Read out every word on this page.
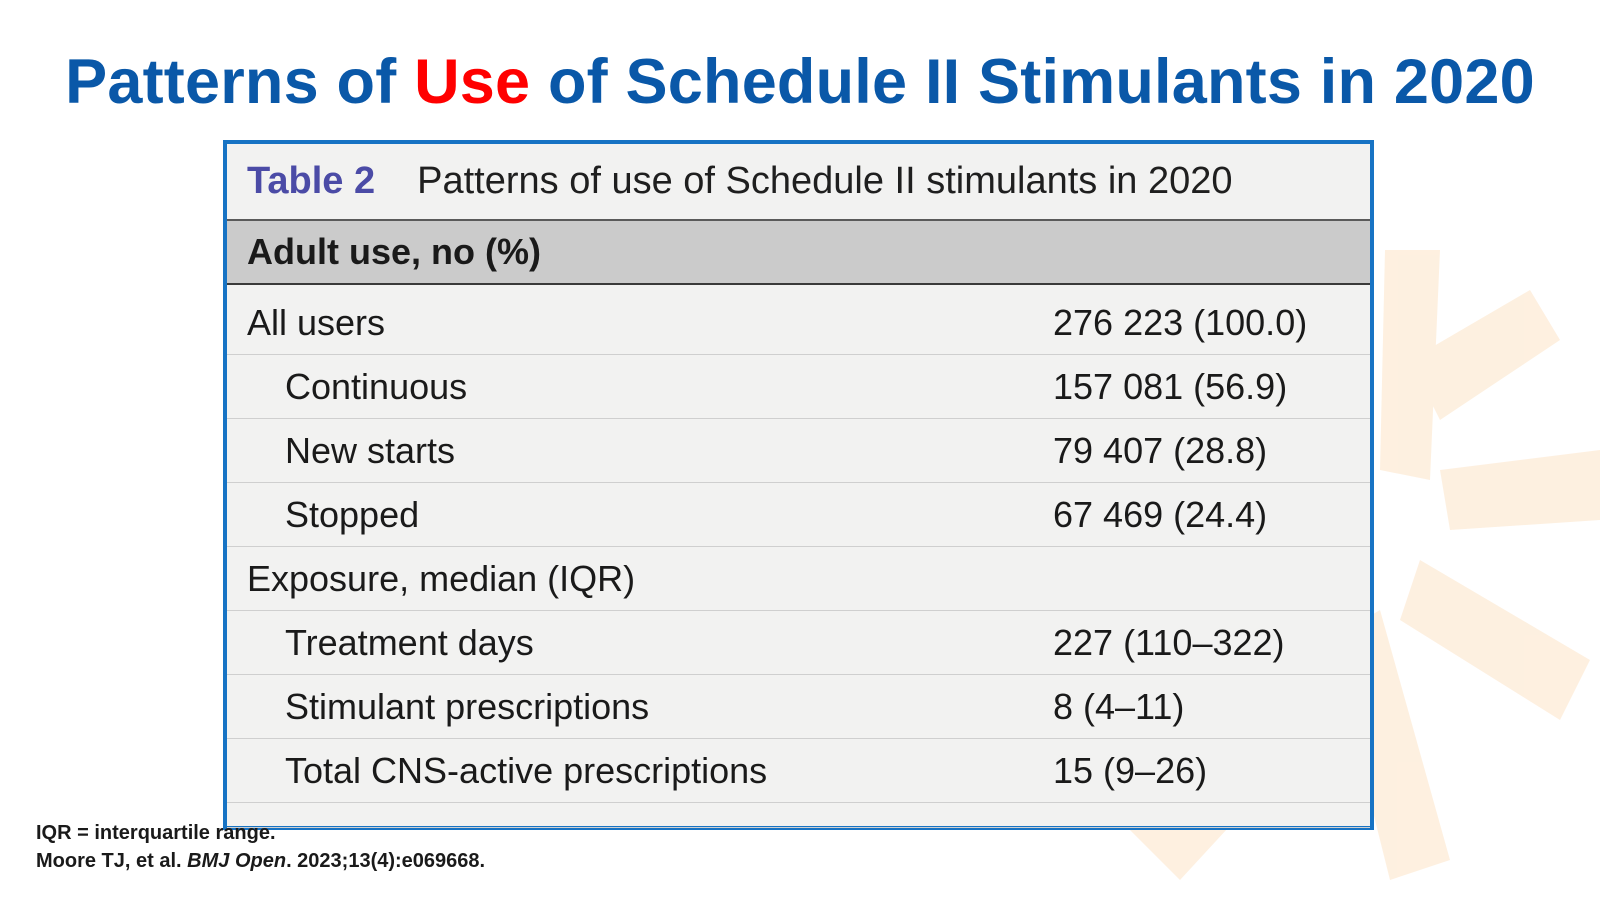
Patterns of Use of Schedule II Stimulants in 2020
Table 2 Patterns of use of Schedule II stimulants in 2020
Adult use, no (%)
All users	276 223 (100.0)
Continuous	157 081 (56.9)
New starts	79 407 (28.8)
Stopped	67 469 (24.4)
Exposure, median (IQR)
Treatment days	227 (110–322)
Stimulant prescriptions	8 (4–11)
Total CNS-active prescriptions	15 (9–26)
IQR = interquartile range.
Moore TJ, et al. BMJ Open. 2023;13(4):e069668.
